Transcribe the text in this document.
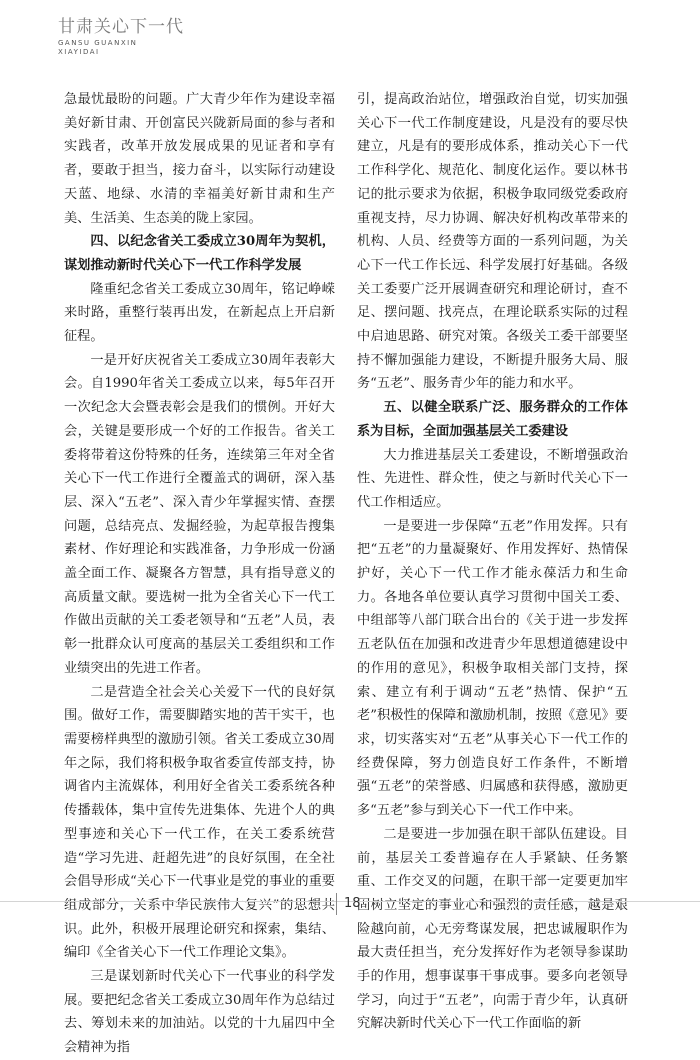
甘肃关心下一代
GANSU GUANXIN
XIAYIDAI

急最忧最盼的问题。广大青少年作为建设幸福美好新甘肃、开创富民兴陇新局面的参与者和实践者，改革开放发展成果的见证者和享有者，要敢于担当，接力奋斗，以实际行动建设天蓝、地绿、水清的幸福美好新甘肃和生产美、生活美、生态美的陇上家园。

四、以纪念省关工委成立30周年为契机，谋划推动新时代关心下一代工作科学发展

隆重纪念省关工委成立30周年，铭记峥嵘来时路，重整行装再出发，在新起点上开启新征程。

一是开好庆祝省关工委成立30周年表彰大会。自1990年省关工委成立以来，每5年召开一次纪念大会暨表彰会是我们的惯例。开好大会，关键是要形成一个好的工作报告。省关工委将带着这份特殊的任务，连续第三年对全省关心下一代工作进行全覆盖式的调研，深入基层、深入“五老”、深入青少年掌握实情、查摆问题，总结亮点、发掘经验，为起草报告搜集素材、作好理论和实践准备，力争形成一份涵盖全面工作、凝聚各方智慧，具有指导意义的高质量文献。要选树一批为全省关心下一代工作做出贡献的关工委老领导和“五老”人员，表彰一批群众认可度高的基层关工委组织和工作业绩突出的先进工作者。

二是营造全社会关心关爱下一代的良好氛围。做好工作，需要脚踏实地的苦干实干，也需要榜样典型的激励引领。省关工委成立30周年之际，我们将积极争取省委宣传部支持，协调省内主流媒体，利用好全省关工委系统各种传播载体，集中宣传先进集体、先进个人的典型事迹和关心下一代工作，在关工委系统营造“学习先进、赶超先进”的良好氛围，在全社会倡导形成“关心下一代事业是党的事业的重要组成部分，关系中华民族伟大复兴”的思想共识。此外，积极开展理论研究和探索，集结、编印《全省关心下一代工作理论文集》。

三是谋划新时代关心下一代事业的科学发展。要把纪念省关工委成立30周年作为总结过去、筹划未来的加油站。以党的十九届四中全会精神为指

引，提高政治站位，增强政治自觉，切实加强关心下一代工作制度建设，凡是没有的要尽快建立，凡是有的要形成体系，推动关心下一代工作科学化、规范化、制度化运作。要以林书记的批示要求为依据，积极争取同级党委政府重视支持，尽力协调、解决好机构改革带来的机构、人员、经费等方面的一系列问题，为关心下一代工作长远、科学发展打好基础。各级关工委要广泛开展调查研究和理论研讨，查不足、摆问题、找亮点，在理论联系实际的过程中启迪思路、研究对策。各级关工委干部要坚持不懈加强能力建设，不断提升服务大局、服务“五老”、服务青少年的能力和水平。

五、以健全联系广泛、服务群众的工作体系为目标，全面加强基层关工委建设

大力推进基层关工委建设，不断增强政治性、先进性、群众性，使之与新时代关心下一代工作相适应。

一是要进一步保障“五老”作用发挥。只有把“五老”的力量凝聚好、作用发挥好、热情保护好，关心下一代工作才能永葆活力和生命力。各地各单位要认真学习贯彻中国关工委、中组部等八部门联合出台的《关于进一步发挥五老队伍在加强和改进青少年思想道德建设中的作用的意见》，积极争取相关部门支持，探索、建立有利于调动“五老”热情、保护“五老”积极性的保障和激励机制，按照《意见》要求，切实落实对“五老”从事关心下一代工作的经费保障，努力创造良好工作条件，不断增强“五老”的荣誉感、归属感和获得感，激励更多“五老”参与到关心下一代工作中来。

二是要进一步加强在职干部队伍建设。目前，基层关工委普遍存在人手紧缺、任务繁重、工作交叉的问题，在职干部一定要更加牢固树立坚定的事业心和强烈的责任感，越是艰险越向前，心无旁骛谋发展，把忠诚履职作为最大责任担当，充分发挥好作为老领导参谋助手的作用，想事谋事干事成事。要多向老领导学习，向过于“五老”，向需于青少年，认真研究解决新时代关心下一代工作面临的新

18
